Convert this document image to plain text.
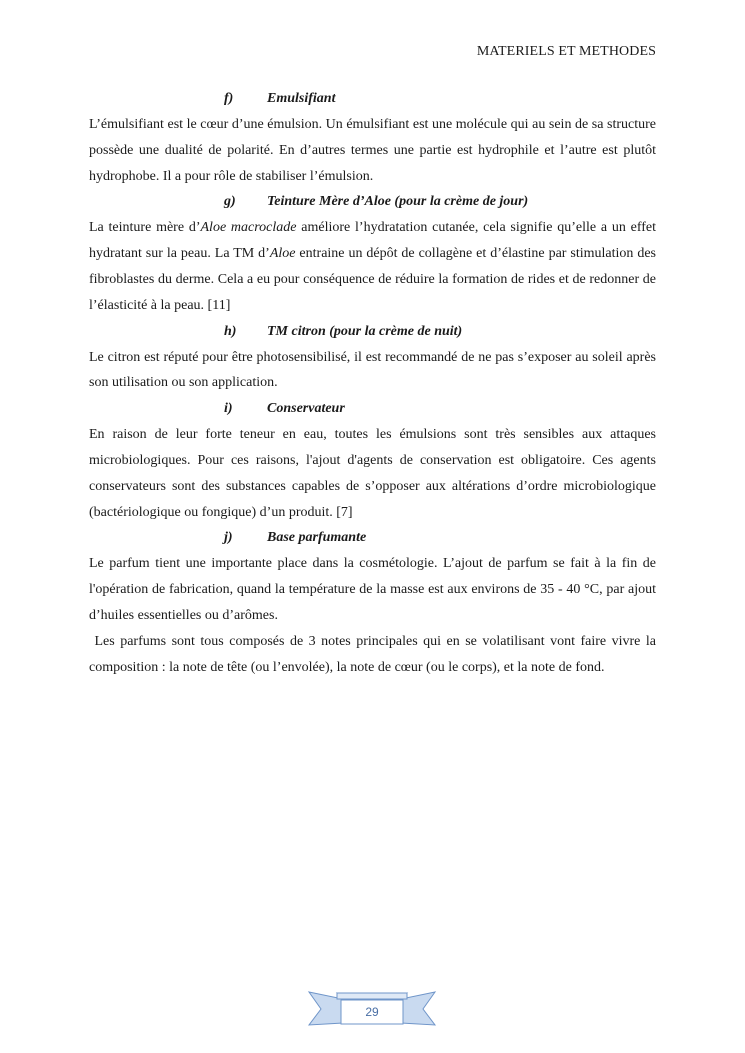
MATERIELS ET METHODES
f) Emulsifiant

L’émulsifiant est le cœur d’une émulsion. Un émulsifiant est une molécule qui au sein de sa structure possède une dualité de polarité. En d’autres termes une partie est hydrophile et l’autre est plutôt hydrophobe. Il a pour rôle de stabiliser l’émulsion.

g) Teinture Mère d’Aloe (pour la crème de jour)

La teinture mère d’Aloe macroclade améliore l’hydratation cutanée, cela signifie qu’elle a un effet hydratant sur la peau. La TM d’Aloe entraine un dépôt de collagène et d’élastine par stimulation des fibroblastes du derme. Cela a eu pour conséquence de réduire la formation de rides et de redonner de l’élasticité à la peau. [11]

h) TM citron (pour la crème de nuit)

Le citron est réputé pour être photosensibilisé, il est recommandé de ne pas s’exposer au soleil après son utilisation ou son application.

i) Conservateur

En raison de leur forte teneur en eau, toutes les émulsions sont très sensibles aux attaques microbiologiques. Pour ces raisons, l'ajout d'agents de conservation est obligatoire. Ces agents conservateurs sont des substances capables de s’opposer aux altérations d’ordre microbiologique (bactériologique ou fongique) d’un produit. [7]

j) Base parfumante

Le parfum tient une importante place dans la cosmétologie. L’ajout de parfum se fait à la fin de l'opération de fabrication, quand la température de la masse est aux environs de 35 - 40 °C, par ajout d’huiles essentielles ou d’arômes.

Les parfums sont tous composés de 3 notes principales qui en se volatilisant vont faire vivre la composition : la note de tête (ou l’envolée), la note de cœur (ou le corps), et la note de fond.

29
